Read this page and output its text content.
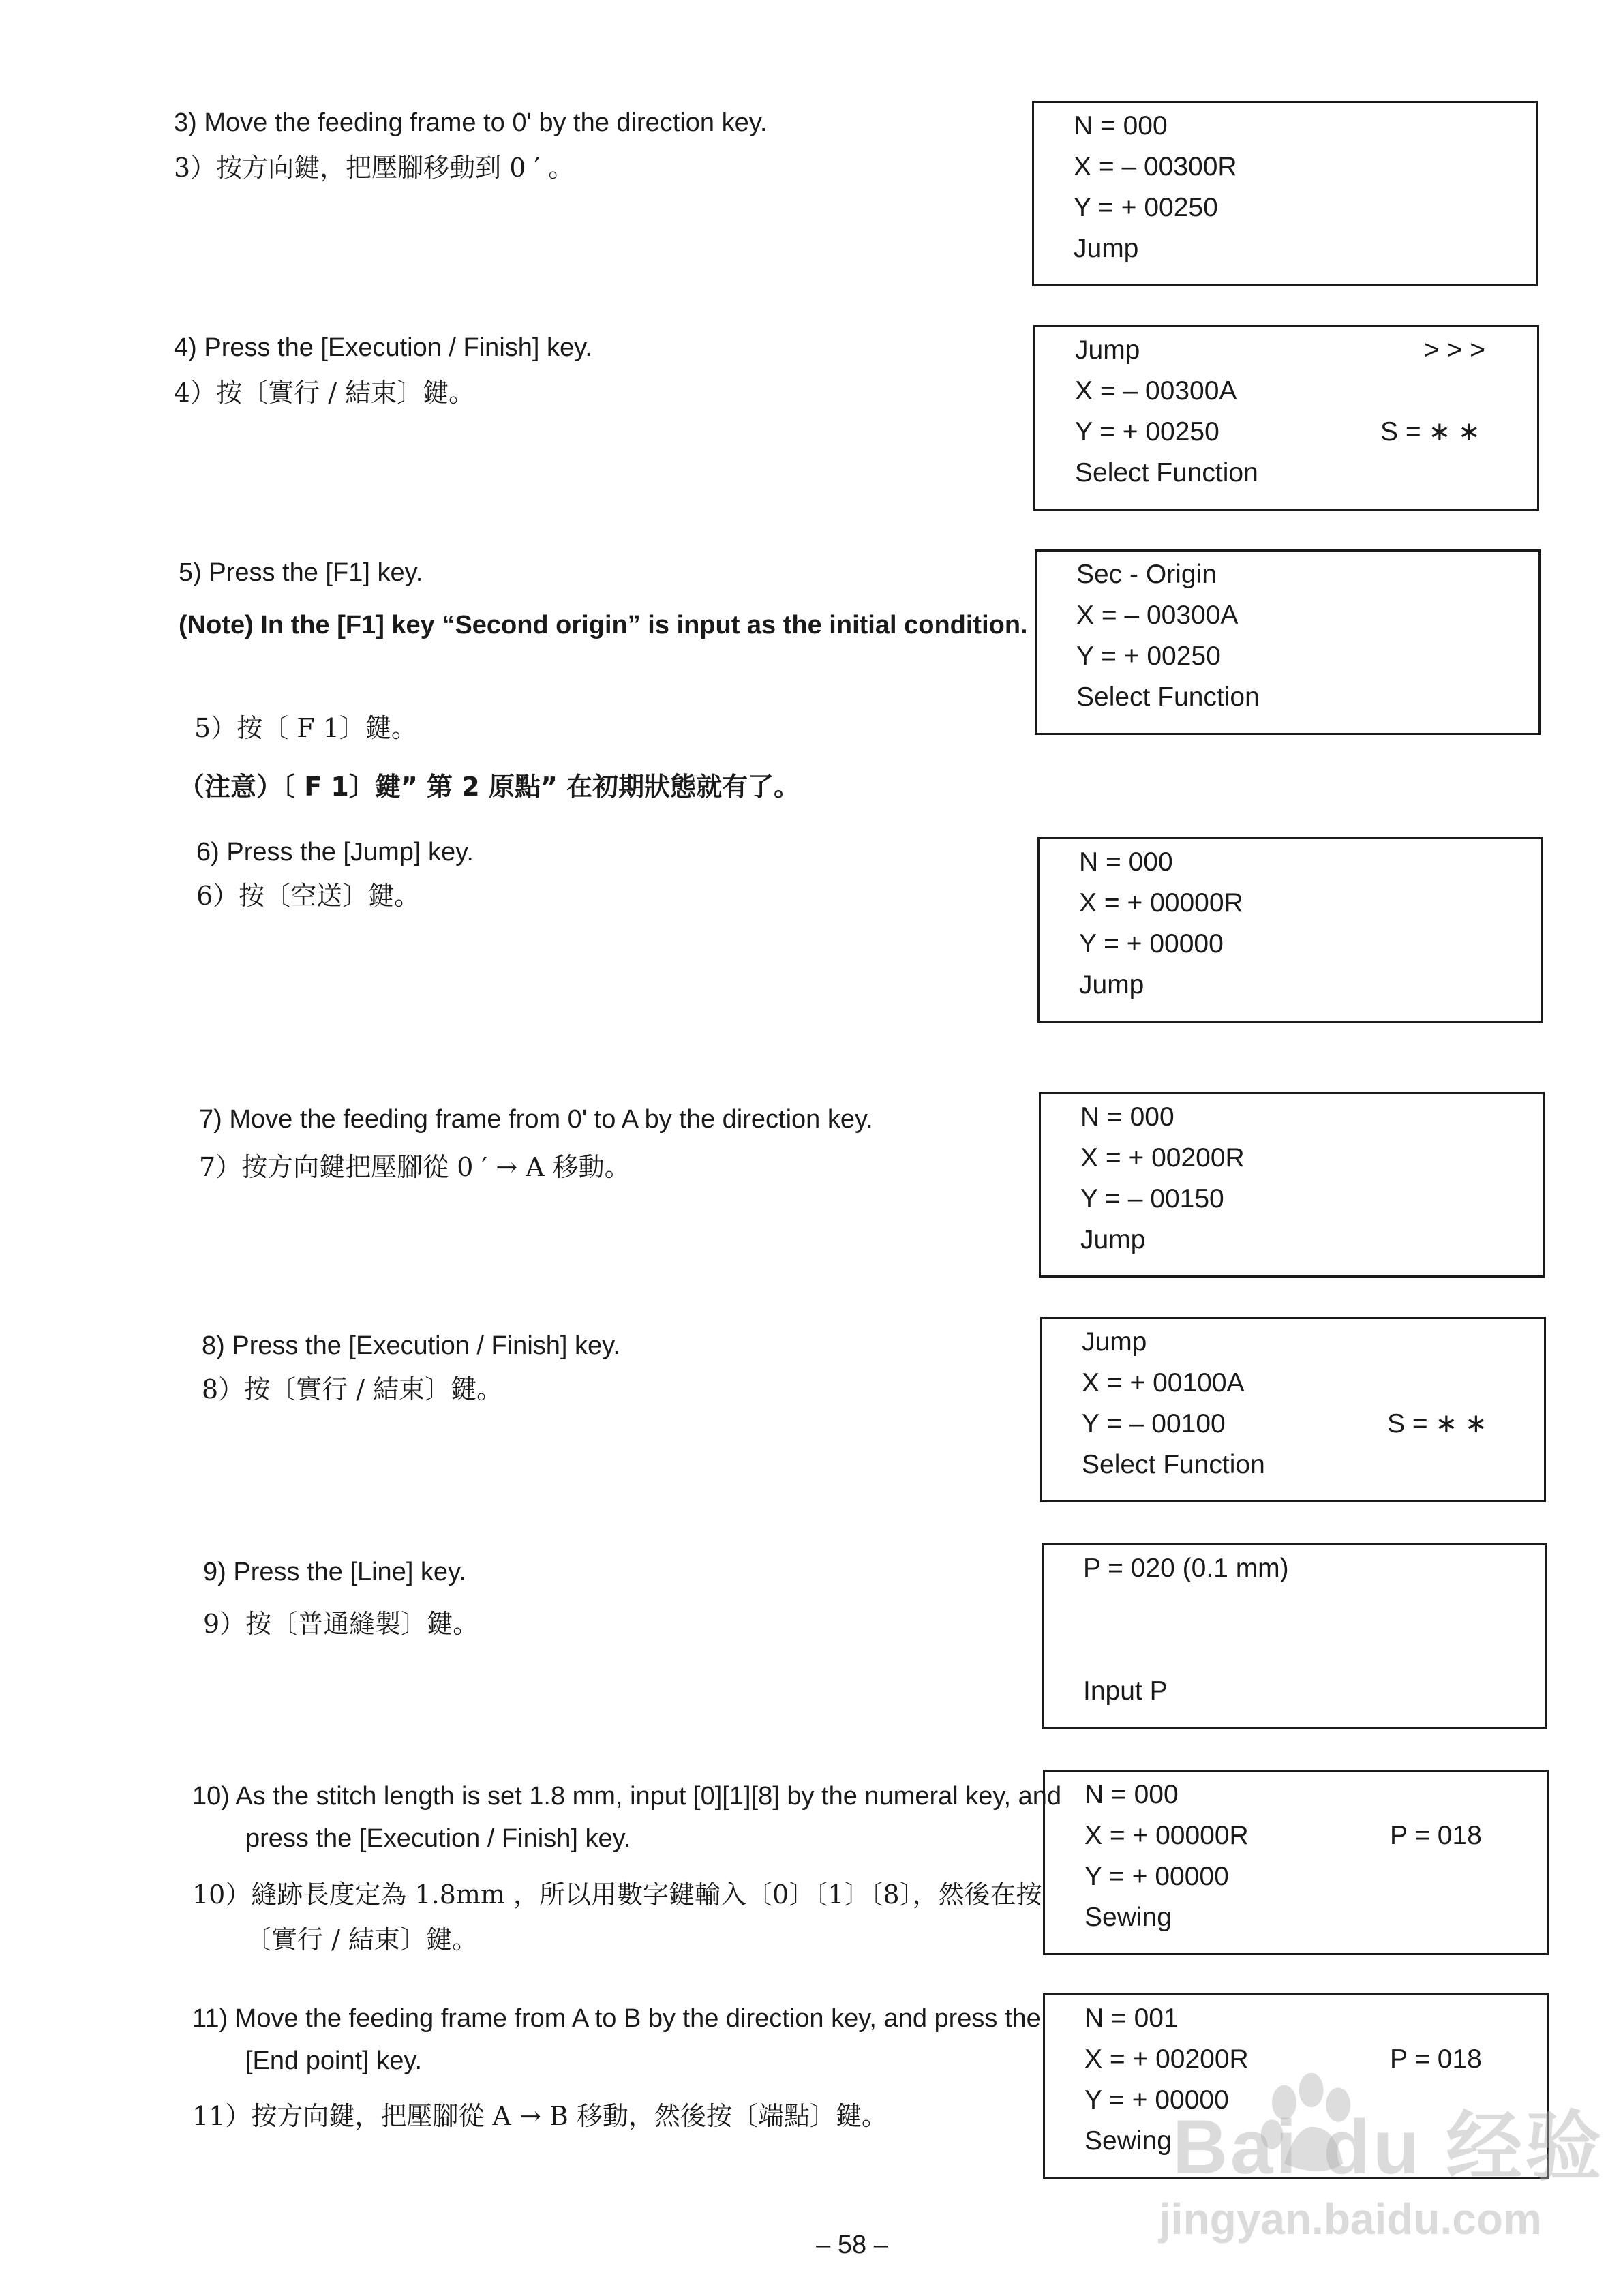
3) Move the feeding frame to 0' by the direction key.
3）按方向鍵，把壓腳移動到 0 ′ 。
4) Press the [Execution / Finish] key.
4）按〔實行 / 結束〕鍵。
5) Press the [F1] key.
(Note) In the [F1] key “Second origin” is input as the initial condition.
5）按〔 F 1〕鍵。
（注意）〔 F 1〕鍵” 第 2 原點” 在初期狀態就有了。
6) Press the [Jump] key.
6）按〔空送〕鍵。
7) Move the feeding frame from 0' to A by the direction key.
7）按方向鍵把壓腳從 0 ′ → A 移動。
8) Press the [Execution / Finish] key.
8）按〔實行 / 結束〕鍵。
9) Press the [Line] key.
9）按〔普通縫製〕鍵。
10) As the stitch length is set 1.8 mm, input [0][1][8] by the numeral key, and press the [Execution / Finish] key.
10）縫跡長度定為 1.8mm ，所以用數字鍵輸入〔0〕〔1〕〔8〕，然後在按〔實行 / 結束〕鍵。
11) Move the feeding frame from A to B by the direction key, and press the [End point] key.
11）按方向鍵，把壓腳從 A → B 移動，然後按〔端點〕鍵。
N = 000
X = – 00300R
Y = + 00250
Jump
Jump
X = – 00300A
Y = + 00250
Select Function
> > >
S = ∗ ∗
Sec - Origin
X = – 00300A
Y = + 00250
Select Function
N = 000
X = + 00000R
Y = + 00000
Jump
N = 000
X = + 00200R
Y = – 00150
Jump
Jump
X = + 00100A
Y = – 00100
Select Function
S = ∗ ∗
P = 020 (0.1 mm)
Input P
N = 000
X = + 00000R
Y = + 00000
Sewing
P = 018
N = 001
X = + 00200R
Y = + 00000
Sewing
P = 018
– 58 –
Bai du 经验
jingyan.baidu.com
